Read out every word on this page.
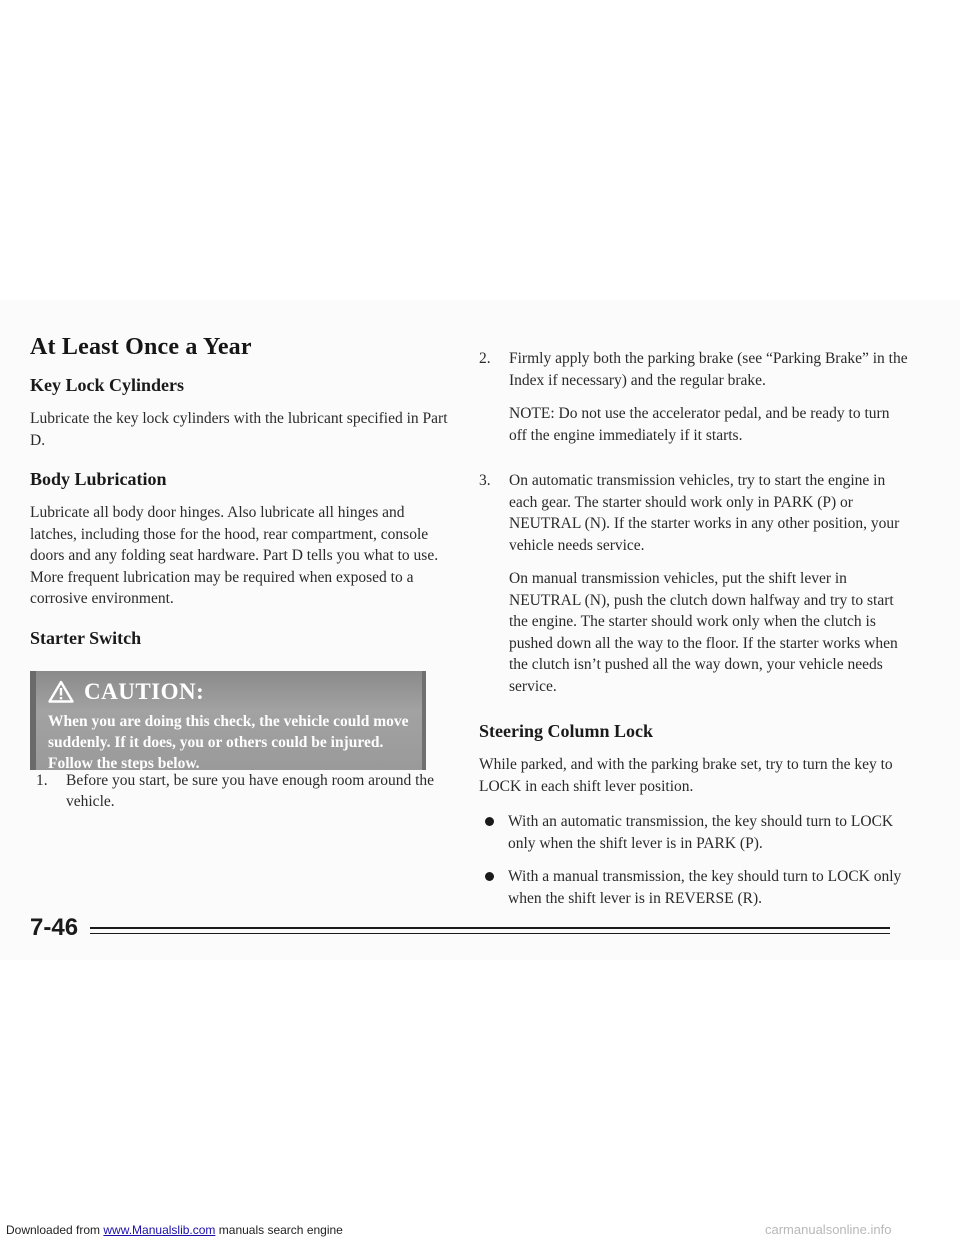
At Least Once a Year
Key Lock Cylinders

Lubricate the key lock cylinders with the lubricant specified in Part D.

Body Lubrication

Lubricate all body door hinges. Also lubricate all hinges and latches, including those for the hood, rear compartment, console doors and any folding seat hardware. Part D tells you what to use. More frequent lubrication may be required when exposed to a corrosive environment.

Starter Switch
CAUTION:
When you are doing this check, the vehicle could move suddenly. If it does, you or others could be injured. Follow the steps below.
1.	Before you start, be sure you have enough room around the vehicle.
2.	Firmly apply both the parking brake (see “Parking Brake” in the Index if necessary) and the regular brake.

NOTE: Do not use the accelerator pedal, and be ready to turn off the engine immediately if it starts.

3.	On automatic transmission vehicles, try to start the engine in each gear. The starter should work only in PARK (P) or NEUTRAL (N). If the starter works in any other position, your vehicle needs service.

On manual transmission vehicles, put the shift lever in NEUTRAL (N), push the clutch down halfway and try to start the engine. The starter should work only when the clutch is pushed down all the way to the floor. If the starter works when the clutch isn’t pushed all the way down, your vehicle needs service.

Steering Column Lock

While parked, and with the parking brake set, try to turn the key to LOCK in each shift lever position.

With an automatic transmission, the key should turn to LOCK only when the shift lever is in PARK (P).
With a manual transmission, the key should turn to LOCK only when the shift lever is in REVERSE (R).
7-46
Downloaded from www.Manualslib.com manuals search engine	carmanualsonline.info
